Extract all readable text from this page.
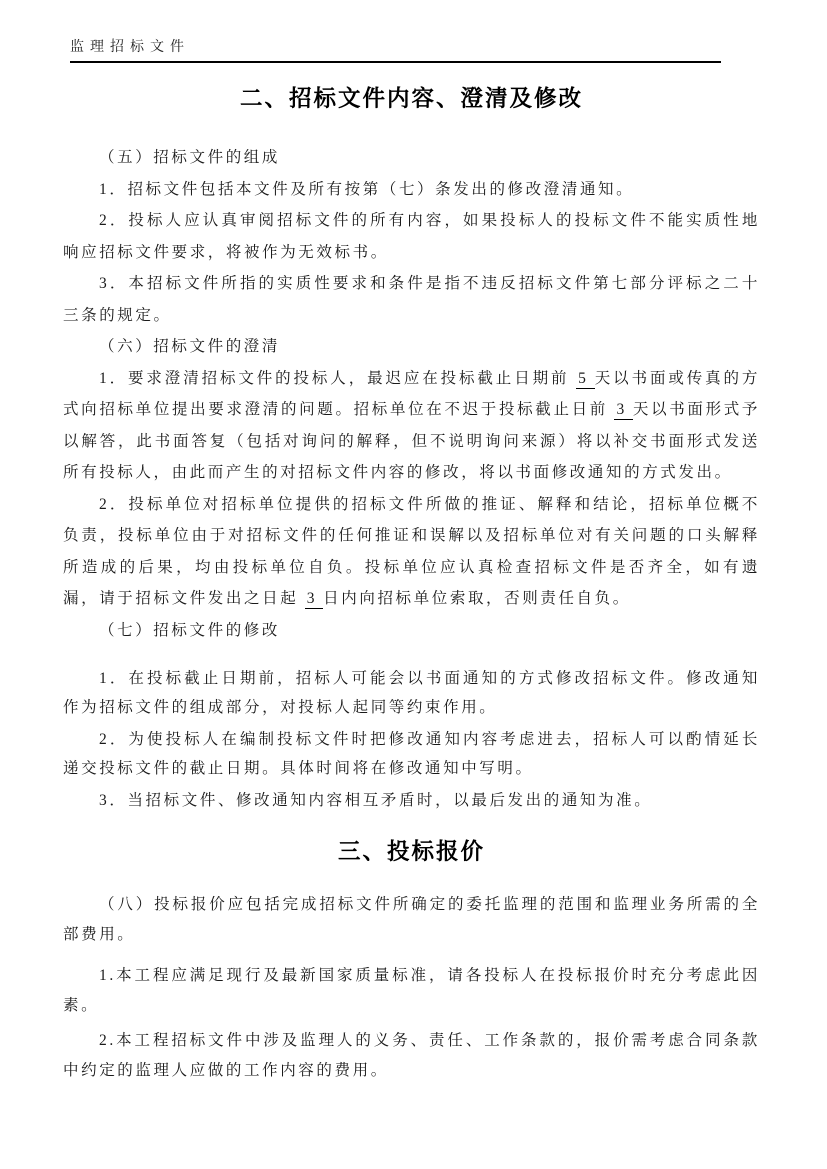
监理招标文件
二、招标文件内容、澄清及修改

（五）招标文件的组成

1．招标文件包括本文件及所有按第（七）条发出的修改澄清通知。

2．投标人应认真审阅招标文件的所有内容，如果投标人的投标文件不能实质性地响应招标文件要求，将被作为无效标书。

3．本招标文件所指的实质性要求和条件是指不违反招标文件第七部分评标之二十三条的规定。

（六）招标文件的澄清

1．要求澄清招标文件的投标人，最迟应在投标截止日期前 5 天以书面或传真的方式向招标单位提出要求澄清的问题。招标单位在不迟于投标截止日前 3 天以书面形式予以解答，此书面答复（包括对询问的解释，但不说明询问来源）将以补交书面形式发送所有投标人，由此而产生的对招标文件内容的修改，将以书面修改通知的方式发出。

2．投标单位对招标单位提供的招标文件所做的推证、解释和结论，招标单位概不负责，投标单位由于对招标文件的任何推证和误解以及招标单位对有关问题的口头解释所造成的后果，均由投标单位自负。投标单位应认真检查招标文件是否齐全，如有遗漏，请于招标文件发出之日起 3 日内向招标单位索取，否则责任自负。

（七）招标文件的修改

1．在投标截止日期前，招标人可能会以书面通知的方式修改招标文件。修改通知作为招标文件的组成部分，对投标人起同等约束作用。

2．为使投标人在编制投标文件时把修改通知内容考虑进去，招标人可以酌情延长递交投标文件的截止日期。具体时间将在修改通知中写明。

3．当招标文件、修改通知内容相互矛盾时，以最后发出的通知为准。

三、投标报价

（八）投标报价应包括完成招标文件所确定的委托监理的范围和监理业务所需的全部费用。

1.本工程应满足现行及最新国家质量标准，请各投标人在投标报价时充分考虑此因素。

2.本工程招标文件中涉及监理人的义务、责任、工作条款的，报价需考虑合同条款中约定的监理人应做的工作内容的费用。
